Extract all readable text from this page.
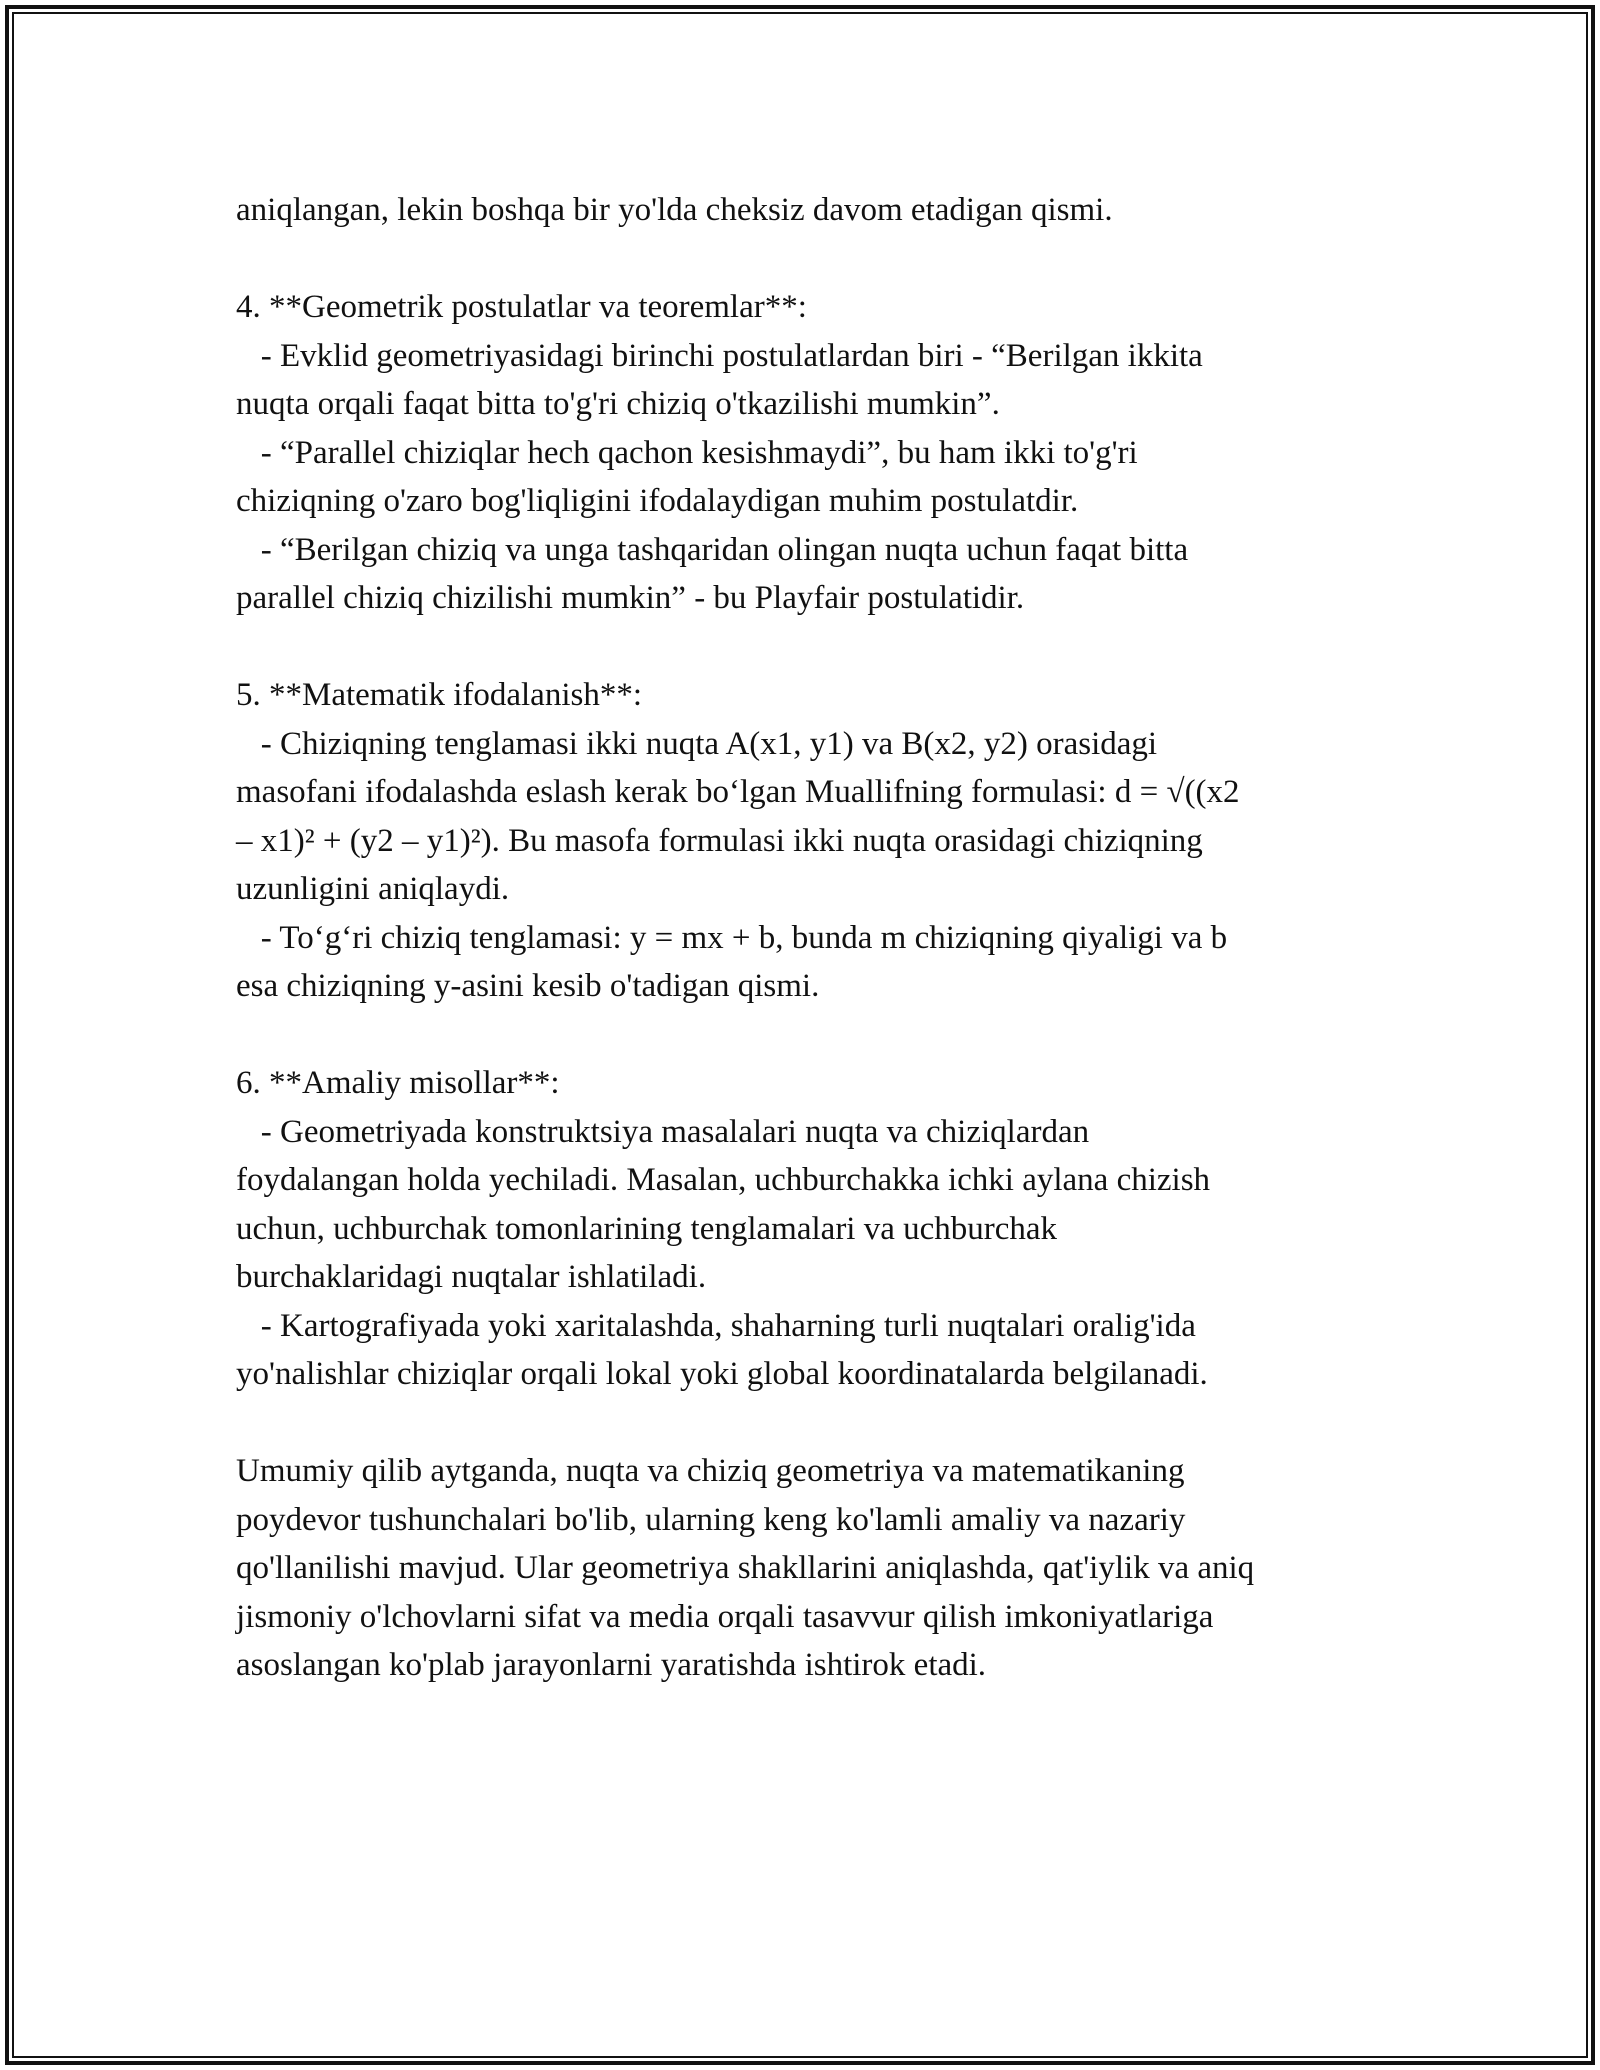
aniqlangan, lekin boshqa bir yo'lda cheksiz davom etadigan qismi.
4. **Geometrik postulatlar va teoremlar**:
- Evklid geometriyasidagi birinchi postulatlardan biri - “Berilgan ikkita
nuqta orqali faqat bitta to'g'ri chiziq o'tkazilishi mumkin”.
- “Parallel chiziqlar hech qachon kesishmaydi”, bu ham ikki to'g'ri
chiziqning o'zaro bog'liqligini ifodalaydigan muhim postulatdir.
- “Berilgan chiziq va unga tashqaridan olingan nuqta uchun faqat bitta
parallel chiziq chizilishi mumkin” - bu Playfair postulatidir.
5. **Matematik ifodalanish**:
- Chiziqning tenglamasi ikki nuqta A(x1, y1) va B(x2, y2) orasidagi
masofani ifodalashda eslash kerak bo‘lgan Muallifning formulasi: d = √((x2
– x1)² + (y2 – y1)²). Bu masofa formulasi ikki nuqta orasidagi chiziqning
uzunligini aniqlaydi.
- To‘g‘ri chiziq tenglamasi: y = mx + b, bunda m chiziqning qiyaligi va b
esa chiziqning y-asini kesib o'tadigan qismi.
6. **Amaliy misollar**:
- Geometriyada konstruktsiya masalalari nuqta va chiziqlardan
foydalangan holda yechiladi. Masalan, uchburchakka ichki aylana chizish
uchun, uchburchak tomonlarining tenglamalari va uchburchak
burchaklaridagi nuqtalar ishlatiladi.
- Kartografiyada yoki xaritalashda, shaharning turli nuqtalari oralig'ida
yo'nalishlar chiziqlar orqali lokal yoki global koordinatalarda belgilanadi.
Umumiy qilib aytganda, nuqta va chiziq geometriya va matematikaning
poydevor tushunchalari bo'lib, ularning keng ko'lamli amaliy va nazariy
qo'llanilishi mavjud. Ular geometriya shakllarini aniqlashda, qat'iylik va aniq
jismoniy o'lchovlarni sifat va media orqali tasavvur qilish imkoniyatlariga
asoslangan ko'plab jarayonlarni yaratishda ishtirok etadi.
